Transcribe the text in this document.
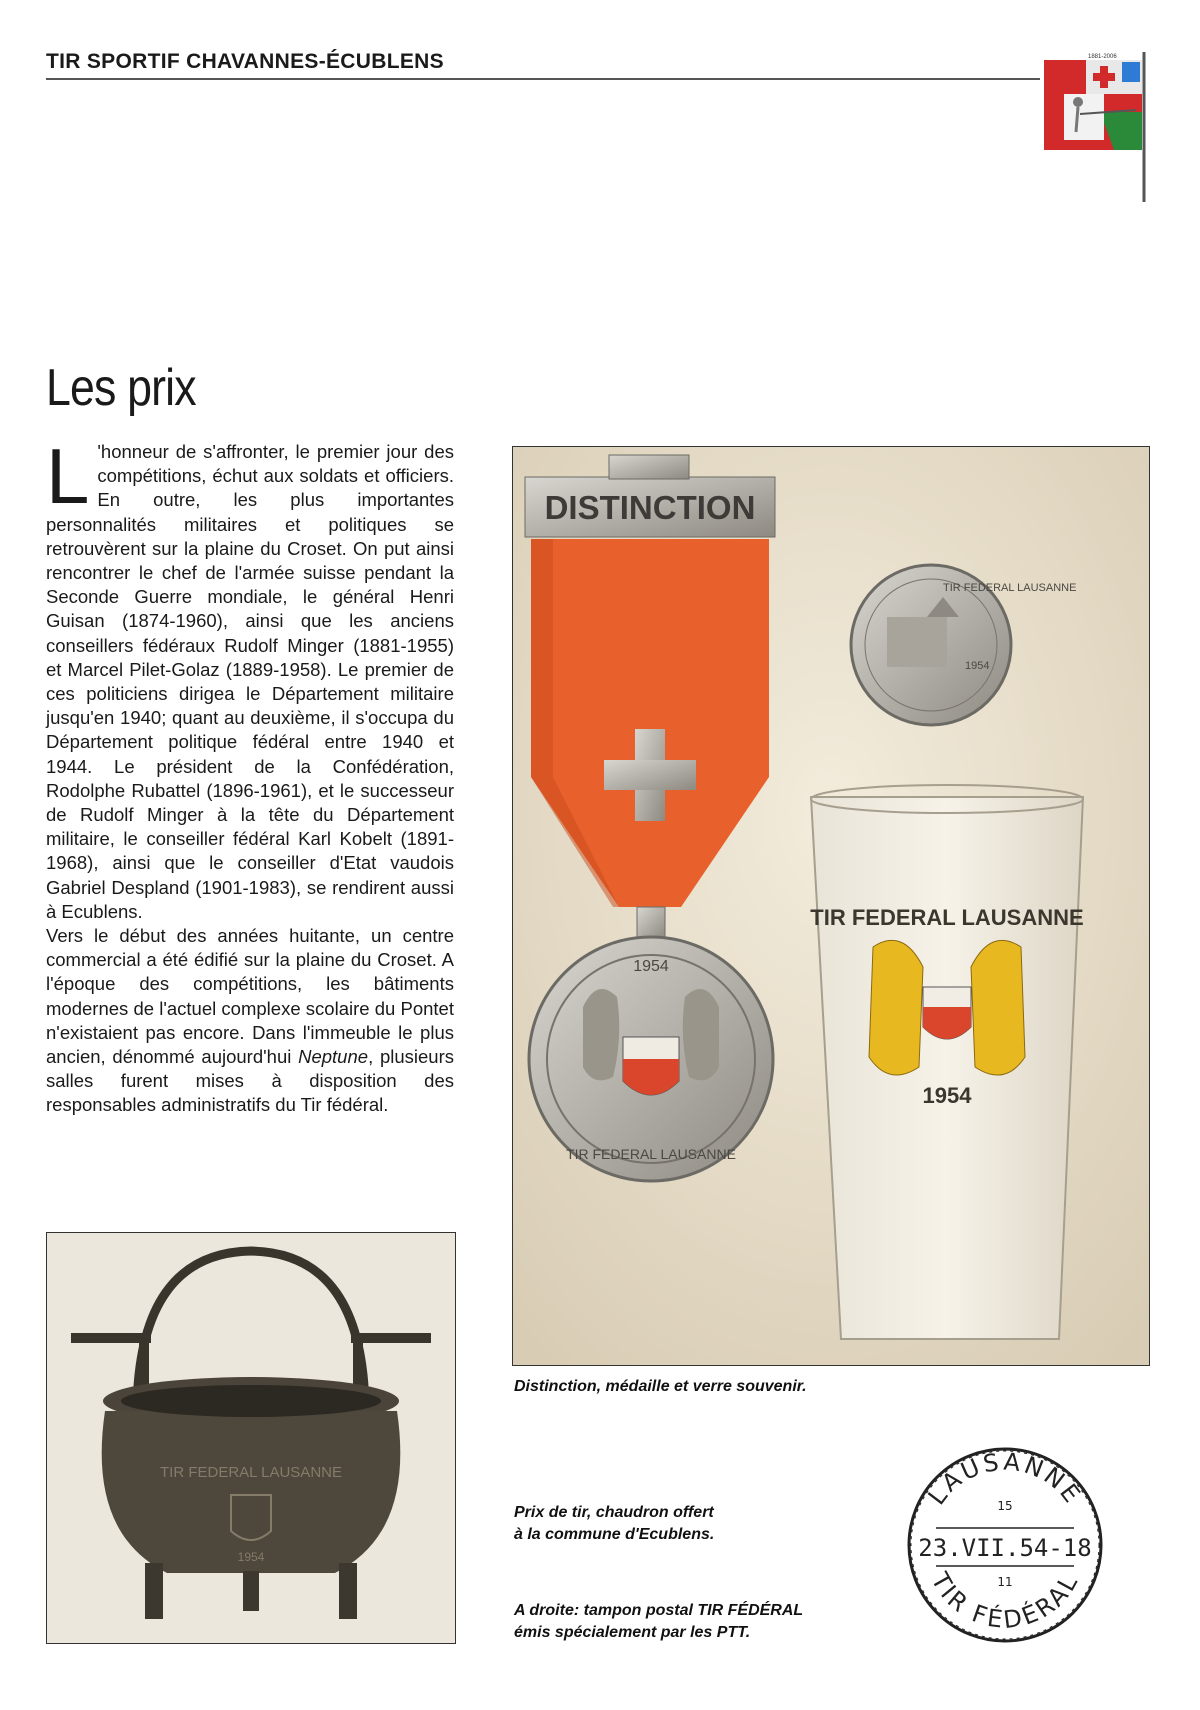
TIR SPORTIF CHAVANNES-ÉCUBLENS	1881-2006
Les prix

L 'honneur de s'affronter, le premier jour des compétitions, échut aux soldats et officiers. En outre, les plus importantes personnalités militaires et politiques se retrouvèrent sur la plaine du Croset. On put ainsi rencontrer le chef de l'armée suisse pendant la Seconde Guerre mondiale, le général Henri Guisan (1874-1960), ainsi que les anciens conseillers fédéraux Rudolf Minger (1881-1955) et Marcel Pilet-Golaz (1889-1958). Le premier de ces politiciens dirigea le Département militaire jusqu'en 1940; quant au deuxième, il s'occupa du Département politique fédéral entre 1940 et 1944. Le président de la Confédération, Rodolphe Rubattel (1896-1961), et le successeur de Rudolf Minger à la tête du Département militaire, le conseiller fédéral Karl Kobelt (1891-1968), ainsi que le conseiller d'Etat vaudois Gabriel Despland (1901-1983), se rendirent aussi à Ecublens.

Vers le début des années huitante, un centre commercial a été édifié sur la plaine du Croset. A l'époque des compétitions, les bâtiments modernes de l'actuel complexe scolaire du Pontet n'existaient pas encore. Dans l'immeuble le plus ancien, dénommé aujourd'hui Neptune, plusieurs salles furent mises à disposition des responsables administratifs du Tir fédéral.

DISTINCTION
1954
TIR FEDERAL LAUSANNE
TIR FEDERAL LAUSANNE
1954
TIR FEDERAL LAUSANNE
1954
Distinction, médaille et verre souvenir.
TIR FEDERAL LAUSANNE
1954
Prix de tir, chaudron offert
à la commune d'Ecublens.
A droite: tampon postal TIR FÉDÉRAL
émis spécialement par les PTT.
LAUSANNE
TIR FÉDÉRAL
15
23.VII.54-18
11
